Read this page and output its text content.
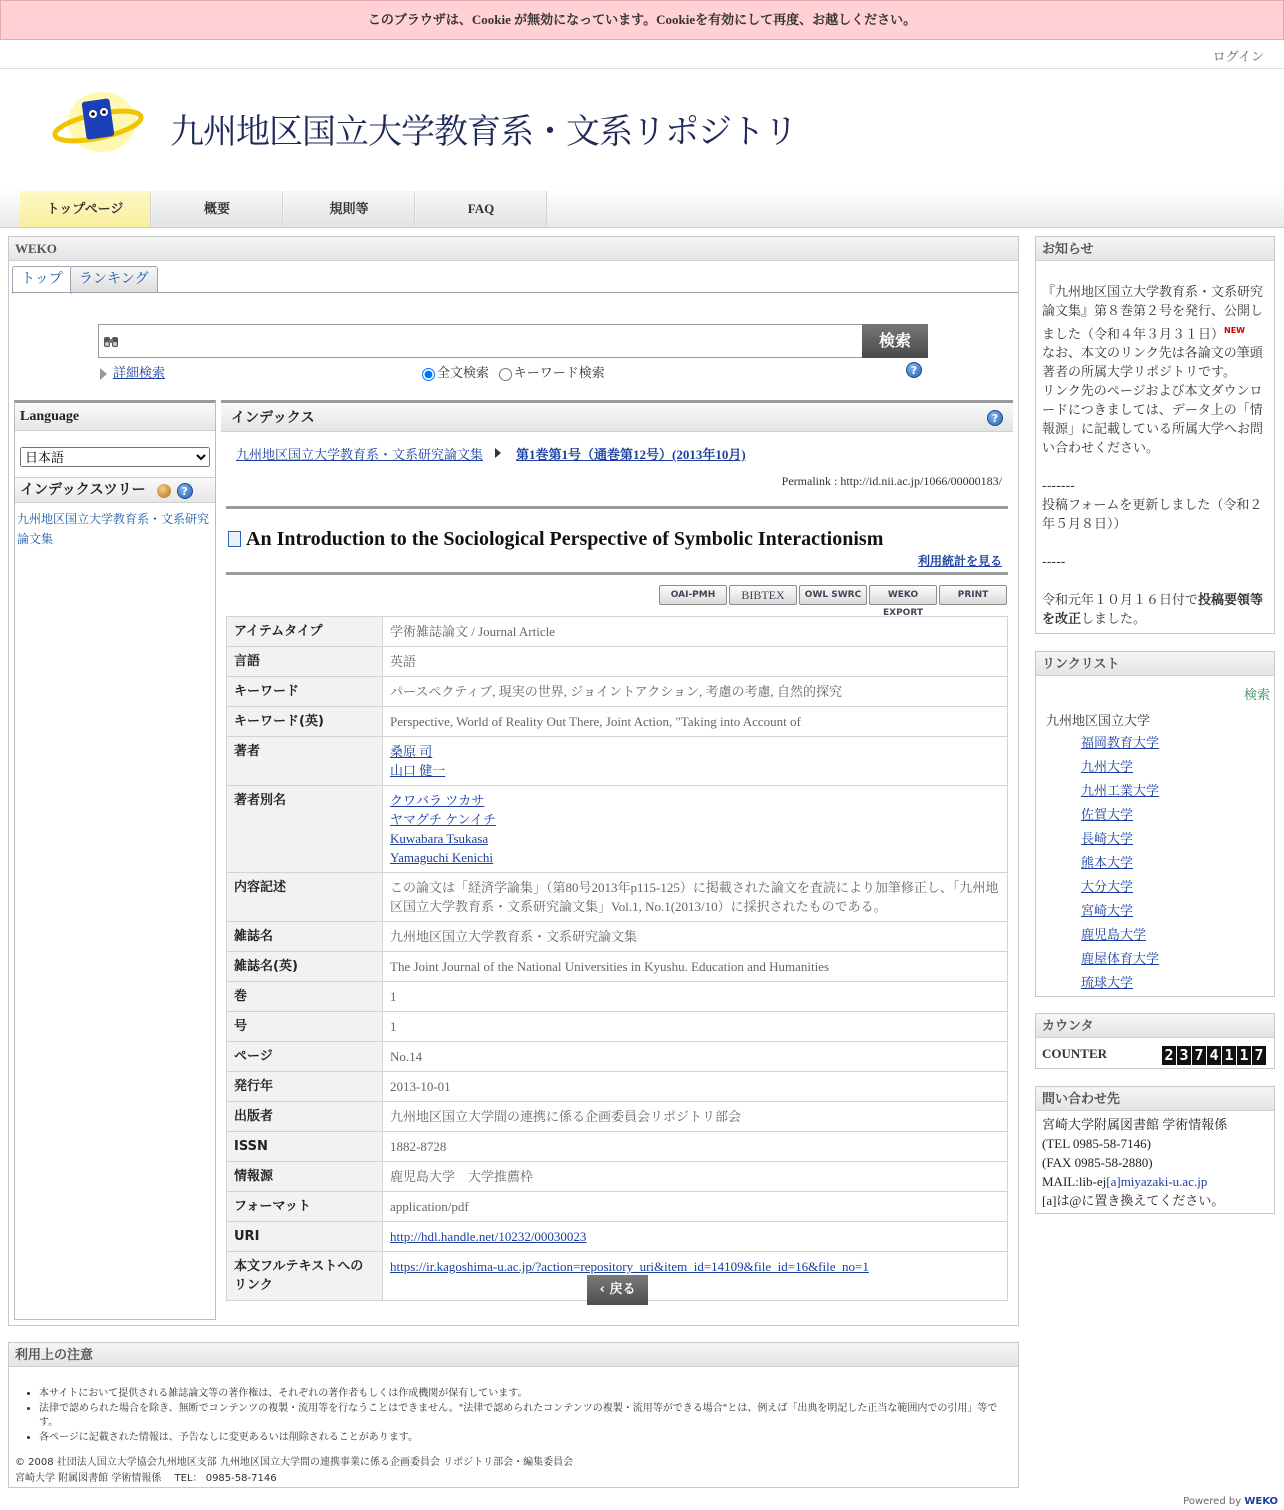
このブラウザは、Cookie が無効になっています。Cookieを有効にして再度、お越しください。
ログイン
九州地区国立大学教育系・文系リポジトリ
トップページ	概要	規則等	FAQ
WEKO
トップ	ランキング
検索
詳細検索	全文検索 キーワード検索	?
Language
日本語
インデックスツリー	?
九州地区国立大学教育系・文系研究論文集
インデックス	?
九州地区国立大学教育系・文系研究論文集	第1巻第1号（通巻第12号）(2013年10月)
Permalink : http://id.nii.ac.jp/1066/00000183/
An Introduction to the Sociological Perspective of Symbolic Interactionism
利用統計を見る
OAI-PMH	BIBTEX	OWL SWRC	WEKO EXPORT
PRINT
アイテムタイプ	学術雑誌論文 / Journal Article

言語	英語

キーワード	パースペクティブ, 現実の世界, ジョイントアクション, 考慮の考慮, 自然的探究

キーワード(英)	Perspective, World of Reality Out There, Joint Action, "Taking into Account of

著者	桑原 司
山口 健一

著者別名	クワバラ ツカサ
ヤマグチ ケンイチ
Kuwabara Tsukasa
Yamaguchi Kenichi

内容記述	この論文は「経済学論集」（第80号2013年p115-125）に掲載された論文を査読により加筆修正し、「九州地区国立大学教育系・文系研究論文集」Vol.1, No.1(2013/10）に採択されたものである。

雑誌名	九州地区国立大学教育系・文系研究論文集

雑誌名(英)	The Joint Journal of the National Universities in Kyushu. Education and Humanities

巻	1

号	1

ページ	No.14

発行年	2013-10-01

出版者	九州地区国立大学間の連携に係る企画委員会リポジトリ部会

ISSN	1882-8728

情報源	鹿児島大学　大学推薦枠

フォーマット	application/pdf

URI	http://hdl.handle.net/10232/00030023

本文フルテキストへのリンク	https://ir.kagoshima-u.ac.jp/?action=repository_uri&item_id=14109&file_id=16&file_no=1
‹ 戻る
お知らせ

『九州地区国立大学教育系・文系研究論文集』第８巻第２号を発行、公開しました（令和４年３月３１日）$^{NEW}$

なお、本文のリンク先は各論文の筆頭著者の所属大学リポジトリです。

リンク先のページおよび本文ダウンロードにつきましては、データ上の「情報源」に記載している所属大学へお問い合わせください。

-------

投稿フォームを更新しました（令和２年５月８日））

-----

令和元年１０月１６日付で投稿要領等を改正しました。

リンクリスト
検索
九州地区国立大学
福岡教育大学
九州大学
九州工業大学
佐賀大学
長崎大学
熊本大学
大分大学
宮崎大学
鹿児島大学
鹿屋体育大学
琉球大学
カウンタ
COUNTER	2 3 7 4 1 1 7
問い合わせ先
宮崎大学附属図書館 学術情報係
(TEL 0985-58-7146)
(FAX 0985-58-2880)
MAIL:lib-ej[a]miyazaki-u.ac.jp
[a]は@に置き換えてください。
利用上の注意
• 本サイトにおいて提供される雑誌論文等の著作権は、それぞれの著作者もしくは作成機関が保有しています。
• 法律で認められた場合を除き、無断でコンテンツの複製・流用等を行なうことはできません。"法律で認められたコンテンツの複製・流用等ができる場合"とは、例えば「出典を明記した正当な範囲内での引用」等です。
• 各ページに記載された情報は、予告なしに変更あるいは削除されることがあります。
© 2008 社団法人国立大学協会九州地区支部 九州地区国立大学間の連携事業に係る企画委員会 リポジトリ部会・編集委員会
宮崎大学 附属図書館 学術情報係　 TEL： 0985-58-7146
Powered by WEKO
